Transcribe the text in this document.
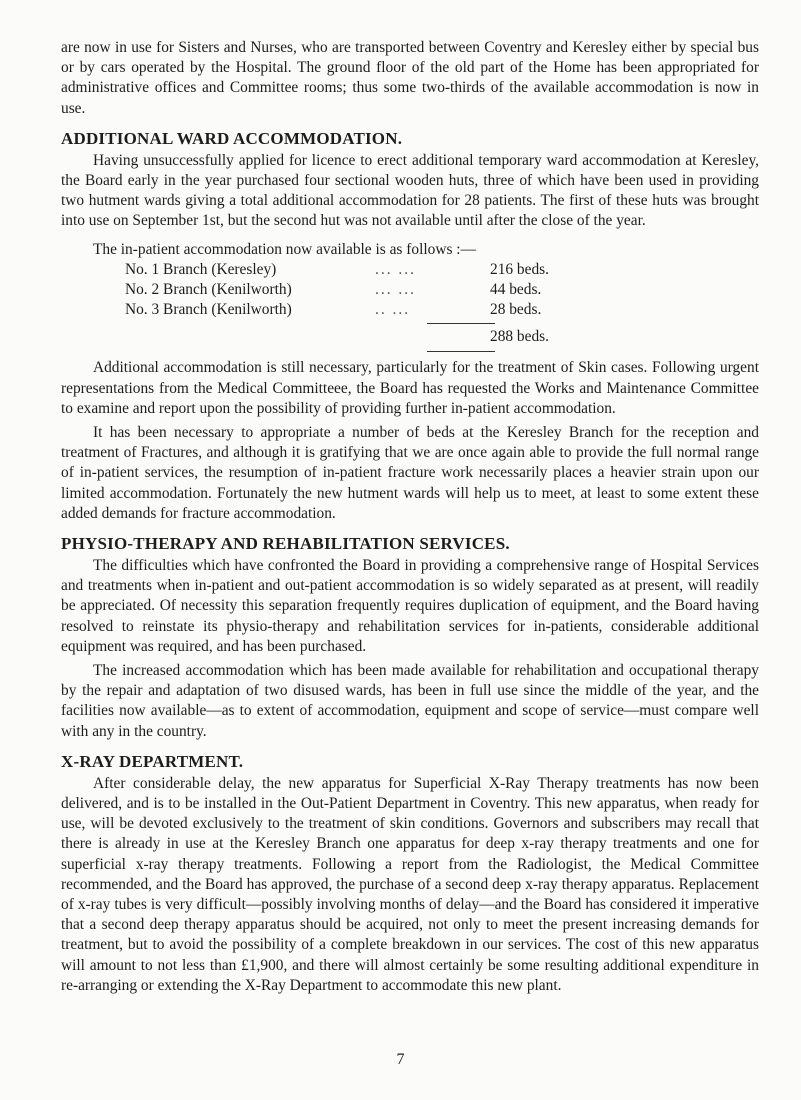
are now in use for Sisters and Nurses, who are transported between Coventry and Keresley either by special bus or by cars operated by the Hospital. The ground floor of the old part of the Home has been appropriated for administrative offices and Committee rooms; thus some two-thirds of the available accommodation is now in use.

ADDITIONAL WARD ACCOMMODATION.

Having unsuccessfully applied for licence to erect additional temporary ward accommodation at Keresley, the Board early in the year purchased four sectional wooden huts, three of which have been used in providing two hutment wards giving a total additional accommodation for 28 patients. The first of these huts was brought into use on September 1st, but the second hut was not available until after the close of the year.

The in-patient accommodation now available is as follows :—

No. 1 Branch (Keresley)	... ...	216 beds.
No. 2 Branch (Kenilworth)	... ...	44 beds.
No. 3 Branch (Kenilworth)	.. ...	28 beds.
288 beds.

Additional accommodation is still necessary, particularly for the treatment of Skin cases. Following urgent representations from the Medical Committeee, the Board has requested the Works and Maintenance Committee to examine and report upon the possibility of providing further in-patient accommodation.

It has been necessary to appropriate a number of beds at the Keresley Branch for the reception and treatment of Fractures, and although it is gratifying that we are once again able to provide the full normal range of in-patient services, the resumption of in-patient fracture work necessarily places a heavier strain upon our limited accommodation. Fortunately the new hutment wards will help us to meet, at least to some extent these added demands for fracture accommodation.

PHYSIO-THERAPY AND REHABILITATION SERVICES.

The difficulties which have confronted the Board in providing a comprehensive range of Hospital Services and treatments when in-patient and out-patient accommodation is so widely separated as at present, will readily be appreciated. Of necessity this separation frequently requires duplication of equipment, and the Board having resolved to reinstate its physio-therapy and rehabilitation services for in-patients, considerable additional equipment was required, and has been purchased.

The increased accommodation which has been made available for rehabilitation and occupational therapy by the repair and adaptation of two disused wards, has been in full use since the middle of the year, and the facilities now available—as to extent of accommodation, equipment and scope of service—must compare well with any in the country.

X-RAY DEPARTMENT.

After considerable delay, the new apparatus for Superficial X-Ray Therapy treatments has now been delivered, and is to be installed in the Out-Patient Department in Coventry. This new apparatus, when ready for use, will be devoted exclusively to the treatment of skin conditions. Governors and subscribers may recall that there is already in use at the Keresley Branch one apparatus for deep x-ray therapy treatments and one for superficial x-ray therapy treatments. Following a report from the Radiologist, the Medical Committee recommended, and the Board has approved, the purchase of a second deep x-ray therapy apparatus. Replacement of x-ray tubes is very difficult—possibly involving months of delay—and the Board has considered it imperative that a second deep therapy apparatus should be acquired, not only to meet the present increasing demands for treatment, but to avoid the possibility of a complete breakdown in our services. The cost of this new apparatus will amount to not less than £1,900, and there will almost certainly be some resulting additional expenditure in re-arranging or extending the X-Ray Department to accommodate this new plant.

7
